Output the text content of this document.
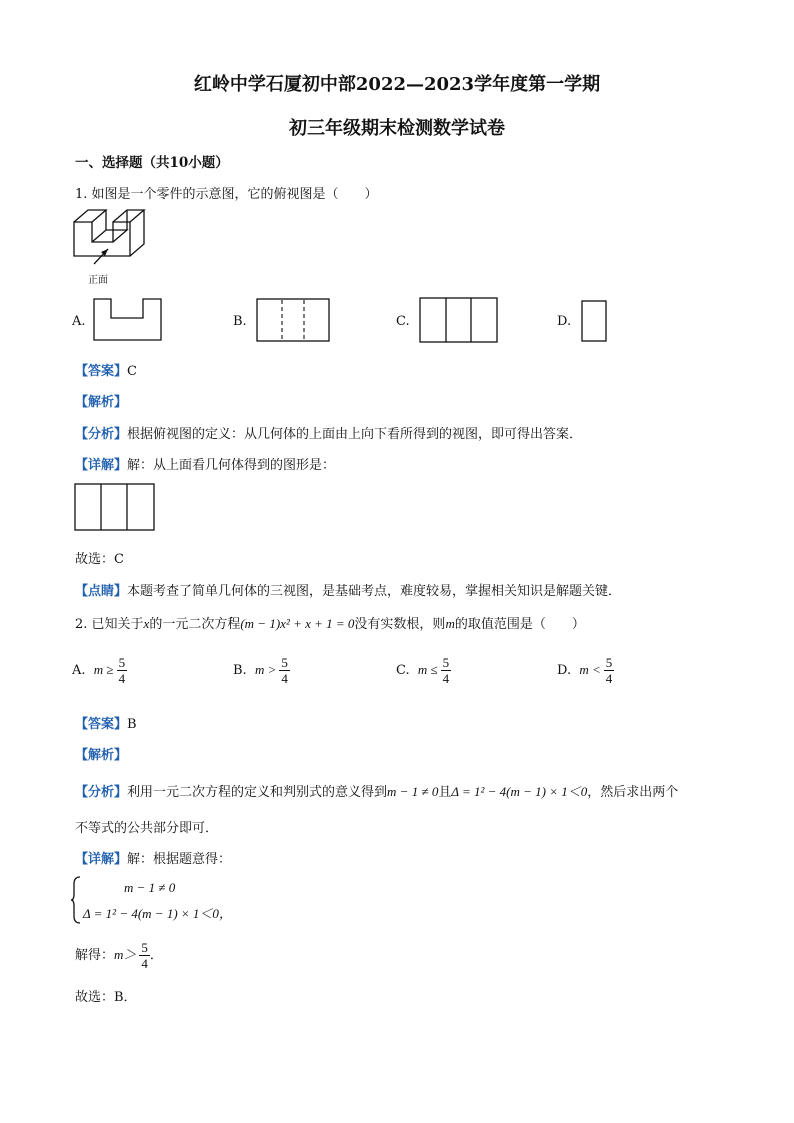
红岭中学石厦初中部2022—2023学年度第一学期
初三年级期末检测数学试卷
一、选择题（共10小题）
1. 如图是一个零件的示意图，它的俯视图是（　　）
正面
A.	B.	C.	D.
【答案】C
【解析】
【分析】根据俯视图的定义：从几何体的上面由上向下看所得到的视图，即可得出答案．
【详解】解：从上面看几何体得到的图形是：
故选：C
【点睛】本题考查了简单几何体的三视图，是基础考点，难度较易，掌握相关知识是解题关键．
2. 已知关于x的一元二次方程(m − 1)x² + x + 1 = 0没有实数根，则m的取值范围是（　　）
A. $m \ge \frac{5}{4}$	B. $m > \frac{5}{4}$	C. $m \le \frac{5}{4}$	D. $m < \frac{5}{4}$
【答案】B
【解析】
【分析】利用一元二次方程的定义和判别式的意义得到m − 1 ≠ 0且Δ = 1² − 4(m − 1) × 1＜0，然后求出两个
不等式的公共部分即可．
【详解】解：根据题意得：
m − 1 ≠ 0
Δ = 1² − 4(m − 1) × 1＜0，
解得：$m> \frac{5}{4}$ ．
故选：B．
